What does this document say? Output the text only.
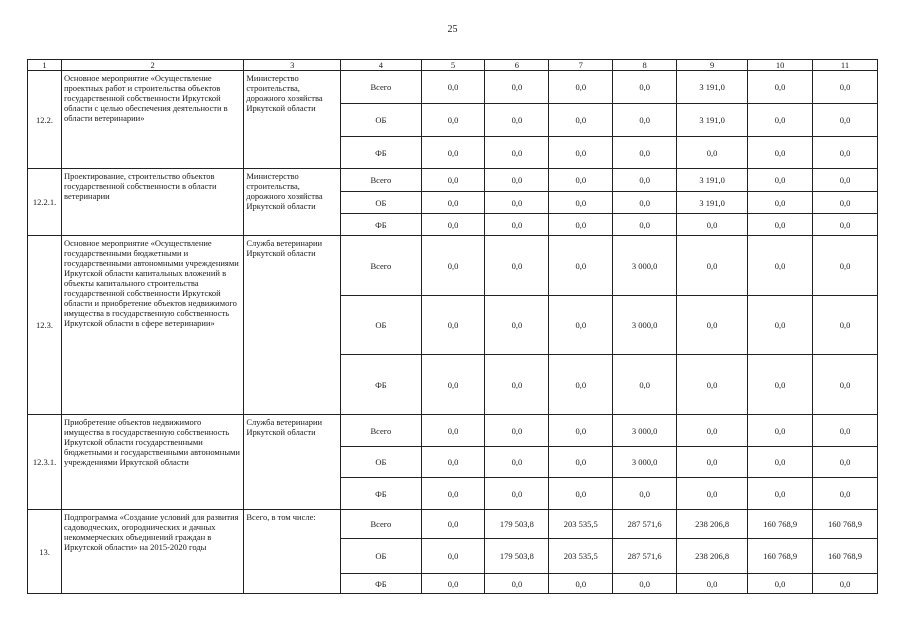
25
1	2	3	4	5	6	7	8	9	10	11
12.2.	Основное мероприятие «Осуществление проектных работ и строительства объектов государственной собственности Иркутской области с целью обеспечения деятельности в области ветеринарии»	Министерство строительства, дорожного хозяйства Иркутской области	Всего	0,0	0,0	0,0	0,0	3 191,0	0,0	0,0
			ОБ	0,0	0,0	0,0	0,0	3 191,0	0,0	0,0
			ФБ	0,0	0,0	0,0	0,0	0,0	0,0	0,0
12.2.1.	Проектирование, строительство объектов государственной собственности в области ветеринарии	Министерство строительства, дорожного хозяйства Иркутской области	Всего	0,0	0,0	0,0	0,0	3 191,0	0,0	0,0
			ОБ	0,0	0,0	0,0	0,0	3 191,0	0,0	0,0
			ФБ	0,0	0,0	0,0	0,0	0,0	0,0	0,0
12.3.	Основное мероприятие «Осуществление государственными бюджетными и государственными автономными учреждениями Иркутской области капитальных вложений в объекты капитального строительства государственной собственности Иркутской области и приобретение объектов недвижимого имущества в государственную собственность Иркутской области в сфере ветеринарии»	Служба ветеринарии Иркутской области	Всего	0,0	0,0	0,0	3 000,0	0,0	0,0	0,0
			ОБ	0,0	0,0	0,0	3 000,0	0,0	0,0	0,0
			ФБ	0,0	0,0	0,0	0,0	0,0	0,0	0,0
12.3.1.	Приобретение объектов недвижимого имущества в государственную собственность Иркутской области государственными бюджетными и государственными автономными учреждениями Иркутской области	Служба ветеринарии Иркутской области	Всего	0,0	0,0	0,0	3 000,0	0,0	0,0	0,0
			ОБ	0,0	0,0	0,0	3 000,0	0,0	0,0	0,0
			ФБ	0,0	0,0	0,0	0,0	0,0	0,0	0,0
13.	Подпрограмма «Создание условий для развития садоводческих, огороднических и дачных некоммерческих объединений граждан в Иркутской области» на 2015-2020 годы	Всего, в том числе:	Всего	0,0	179 503,8	203 535,5	287 571,6	238 206,8	160 768,9	160 768,9
			ОБ	0,0	179 503,8	203 535,5	287 571,6	238 206,8	160 768,9	160 768,9
			ФБ	0,0	0,0	0,0	0,0	0,0	0,0	0,0
